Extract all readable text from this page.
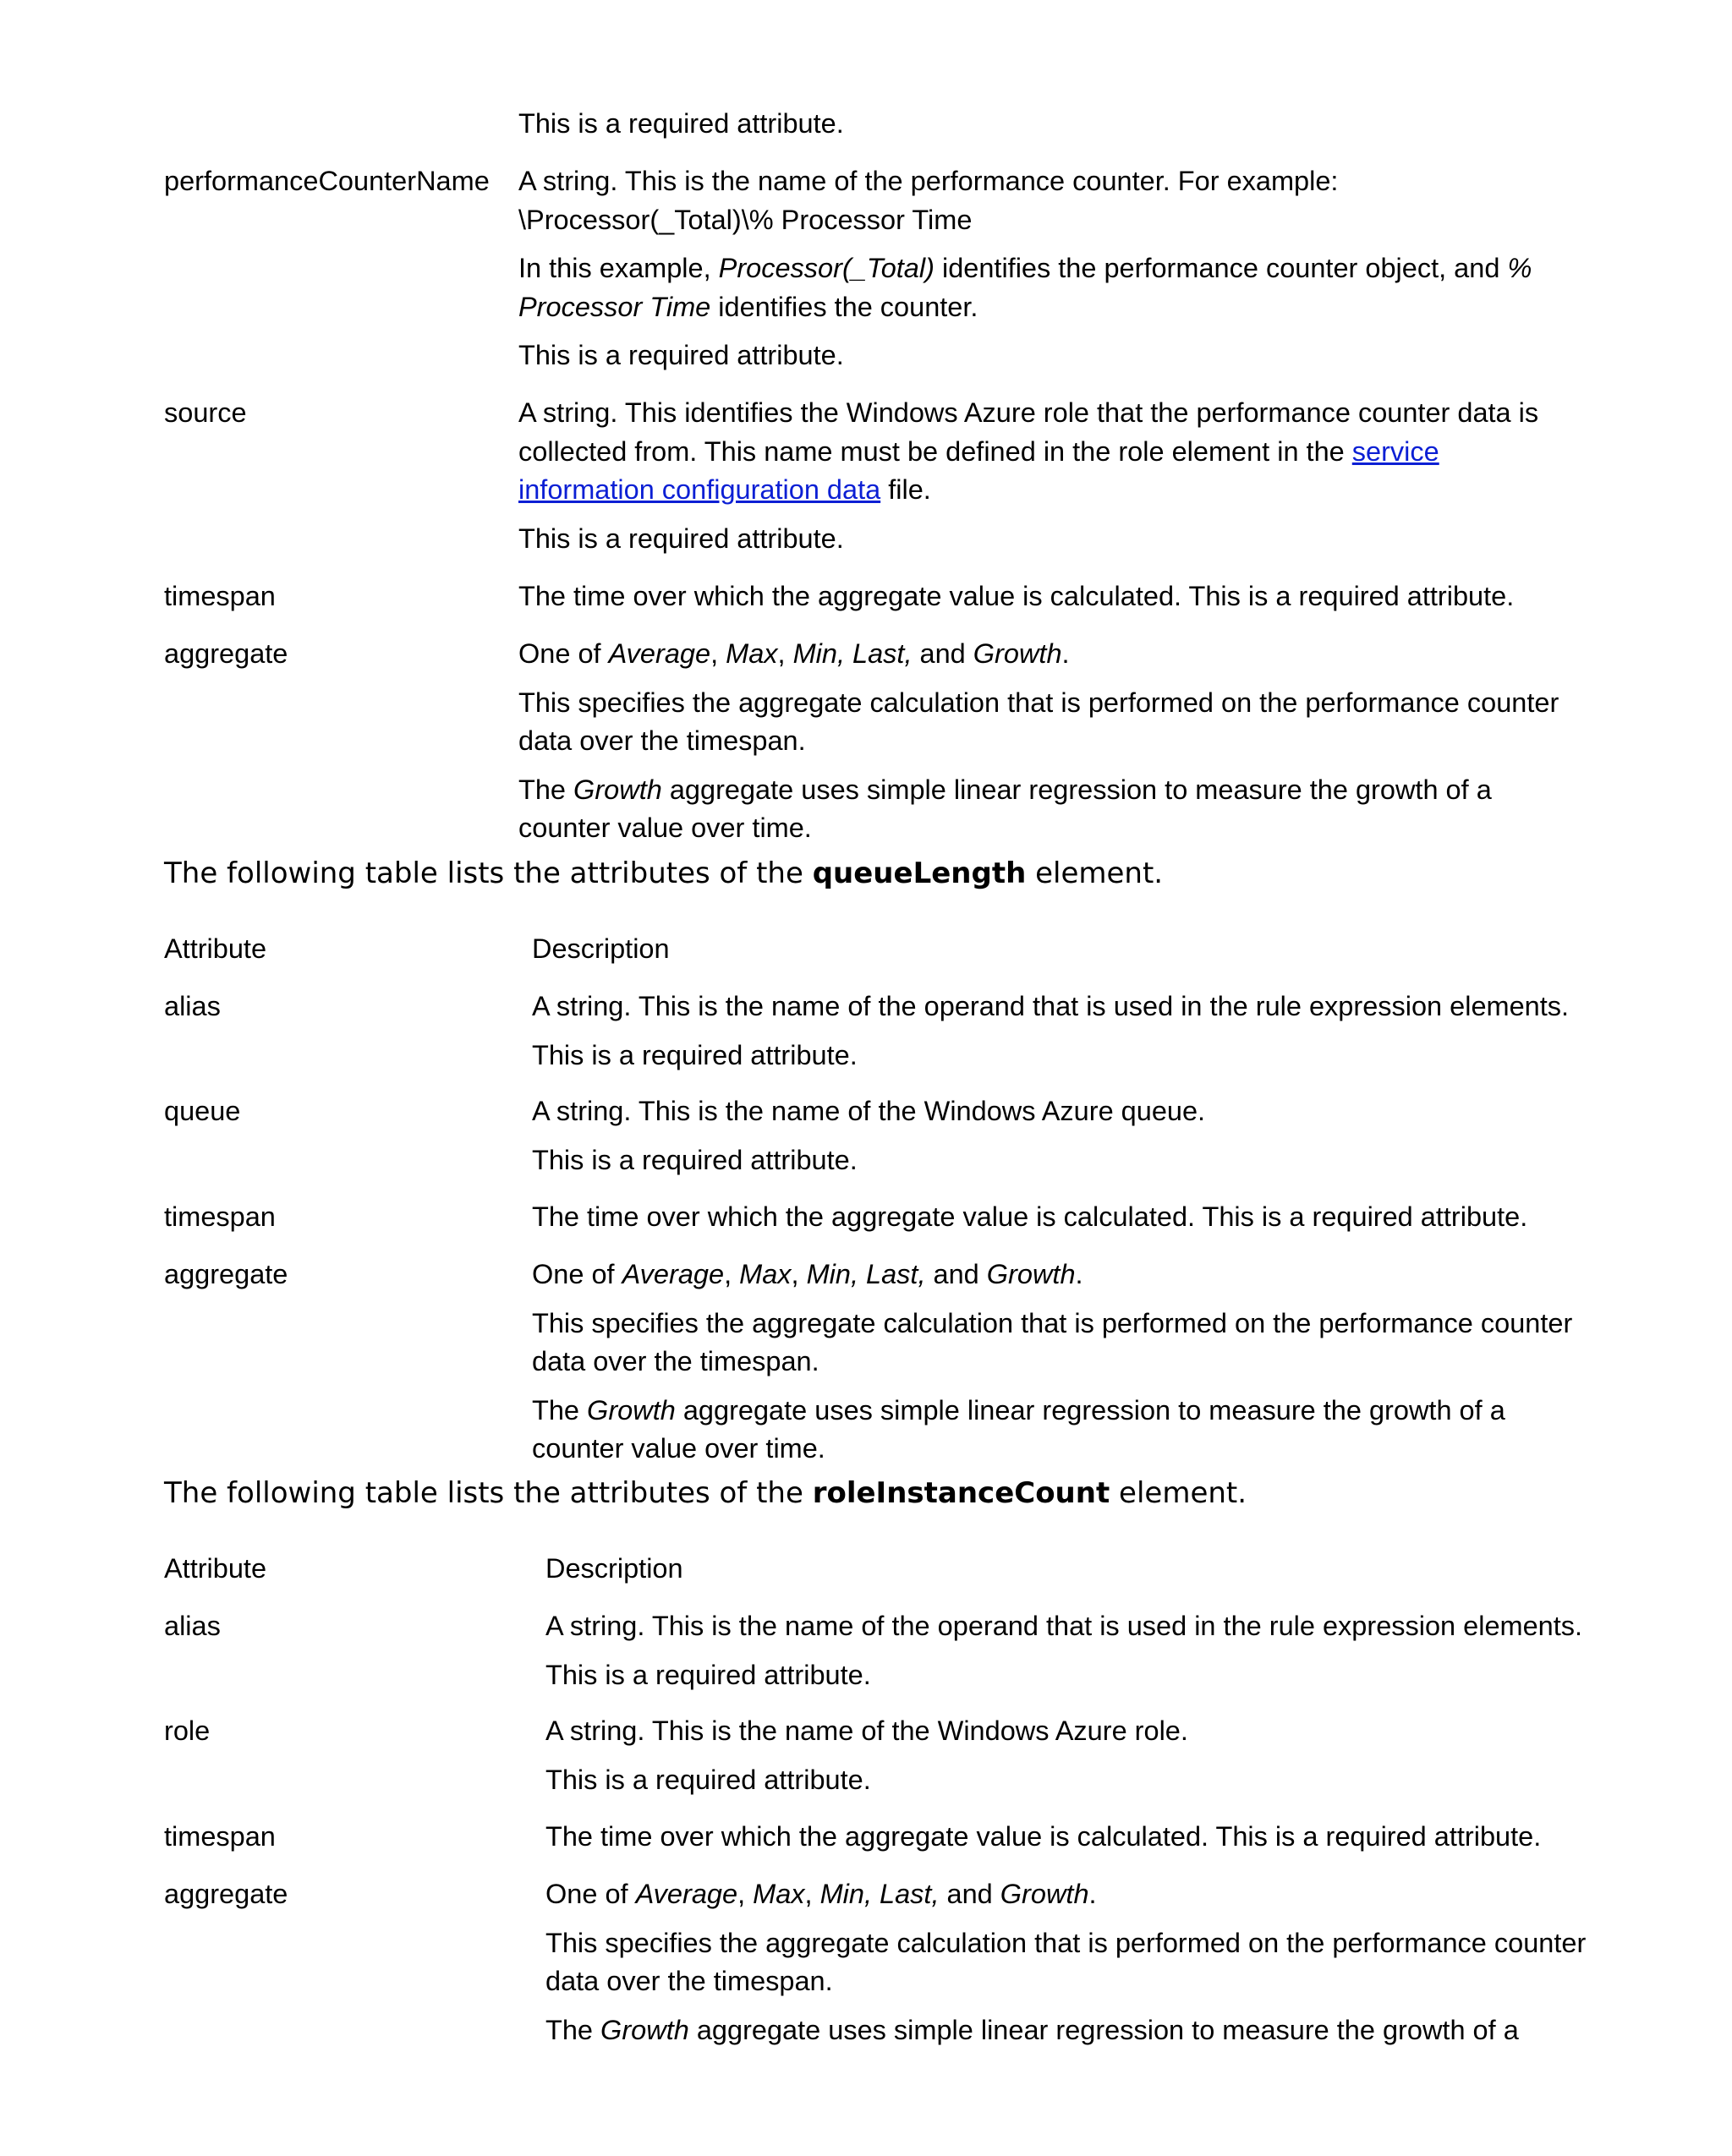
This is a required attribute.

performanceCounterName A string. This is the name of the performance counter. For example:
\Processor(_Total)\% Processor Time

In this example, Processor(_Total) identifies the performance counter object, and % Processor Time identifies the counter.

This is a required attribute.

source	A string. This identifies the Windows Azure role that the performance counter data is collected from. This name must be defined in the role element in the service information configuration data file.

This is a required attribute.

timespan	The time over which the aggregate value is calculated. This is a required attribute.

aggregate	One of Average, Max, Min, Last, and Growth.

This specifies the aggregate calculation that is performed on the performance counter data over the timespan.

The Growth aggregate uses simple linear regression to measure the growth of a counter value over time.

The following table lists the attributes of the queueLength element.
Attribute	Description
alias	A string. This is the name of the operand that is used in the rule expression elements.

This is a required attribute.

queue	A string. This is the name of the Windows Azure queue.

This is a required attribute.

timespan	The time over which the aggregate value is calculated. This is a required attribute.

aggregate	One of Average, Max, Min, Last, and Growth.

This specifies the aggregate calculation that is performed on the performance counter data over the timespan.

The Growth aggregate uses simple linear regression to measure the growth of a counter value over time.

The following table lists the attributes of the roleInstanceCount element.
Attribute	Description
alias	A string. This is the name of the operand that is used in the rule expression elements.

This is a required attribute.

role	A string. This is the name of the Windows Azure role.

This is a required attribute.

timespan	The time over which the aggregate value is calculated. This is a required attribute.

aggregate	One of Average, Max, Min, Last, and Growth.

This specifies the aggregate calculation that is performed on the performance counter data over the timespan.

The Growth aggregate uses simple linear regression to measure the growth of a
